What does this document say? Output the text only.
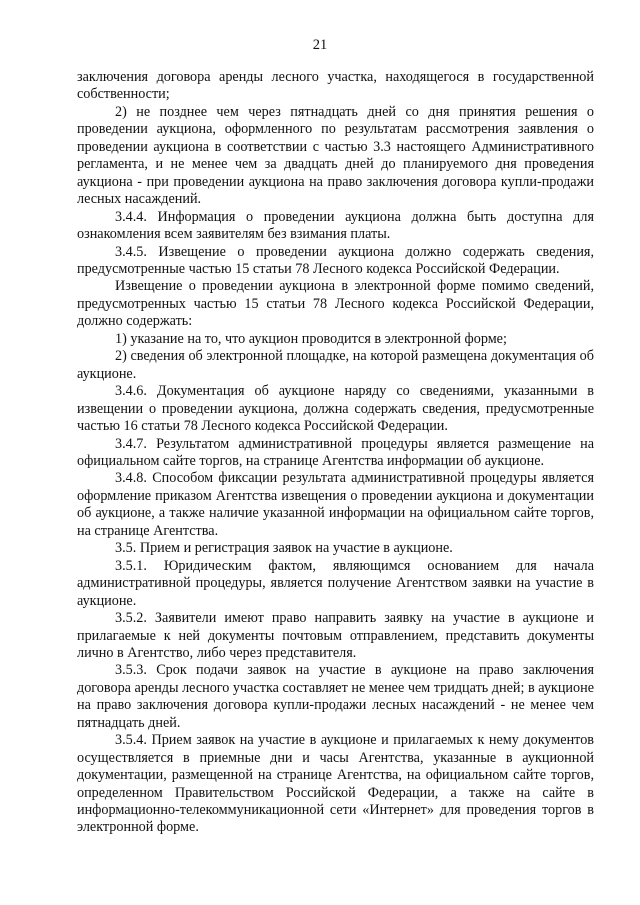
21

заключения договора аренды лесного участка, находящегося в государственной собственности;

2) не позднее чем через пятнадцать дней со дня принятия решения о проведении аукциона, оформленного по результатам рассмотрения заявления о проведении аукциона в соответствии с частью 3.3 настоящего Административного регламента, и не менее чем за двадцать дней до планируемого дня проведения аукциона - при проведении аукциона на право заключения договора купли-продажи лесных насаждений.

3.4.4. Информация о проведении аукциона должна быть доступна для ознакомления всем заявителям без взимания платы.

3.4.5. Извещение о проведении аукциона должно содержать сведения, предусмотренные частью 15 статьи 78 Лесного кодекса Российской Федерации.

Извещение о проведении аукциона в электронной форме помимо сведений, предусмотренных частью 15 статьи 78 Лесного кодекса Российской Федерации, должно содержать:

1) указание на то, что аукцион проводится в электронной форме;

2) сведения об электронной площадке, на которой размещена документация об аукционе.

3.4.6. Документация об аукционе наряду со сведениями, указанными в извещении о проведении аукциона, должна содержать сведения, предусмотренные частью 16 статьи 78 Лесного кодекса Российской Федерации.

3.4.7. Результатом административной процедуры является размещение на официальном сайте торгов, на странице Агентства информации об аукционе.

3.4.8. Способом фиксации результата административной процедуры является оформление приказом Агентства извещения о проведении аукциона и документации об аукционе, а также наличие указанной информации на официальном сайте торгов, на странице Агентства.

3.5. Прием и регистрация заявок на участие в аукционе.

3.5.1. Юридическим фактом, являющимся основанием для начала административной процедуры, является получение Агентством заявки на участие в аукционе.

3.5.2. Заявители имеют право направить заявку на участие в аукционе и прилагаемые к ней документы почтовым отправлением, представить документы лично в Агентство, либо через представителя.

3.5.3. Срок подачи заявок на участие в аукционе на право заключения договора аренды лесного участка составляет не менее чем тридцать дней; в аукционе на право заключения договора купли-продажи лесных насаждений - не менее чем пятнадцать дней.

3.5.4. Прием заявок на участие в аукционе и прилагаемых к нему документов осуществляется в приемные дни и часы Агентства, указанные в аукционной документации, размещенной на странице Агентства, на официальном сайте торгов, определенном Правительством Российской Федерации, а также на сайте в информационно-телекоммуникационной сети «Интернет» для проведения торгов в электронной форме.
